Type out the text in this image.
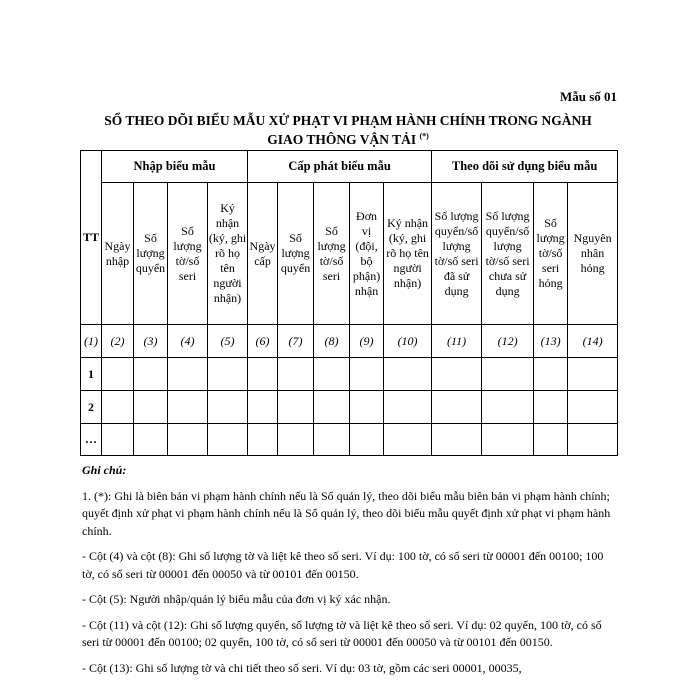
Mẫu số 01
SỔ THEO DÕI BIỂU MẪU XỬ PHẠT VI PHẠM HÀNH CHÍNH TRONG NGÀNH
GIAO THÔNG VẬN TẢI (*)
TT	Nhập biểu mẫu				Cấp phát biểu mẫu					Theo dõi sử dụng biểu mẫu			
	Ngày nhập	Số lượng quyển	Số lượng tờ/số seri	Ký nhận (ký, ghi rõ họ tên người nhận)	Ngày cấp	Số lượng quyển	Số lượng tờ/số seri	Đơn vị (đội, bộ phận) nhận	Ký nhận (ký, ghi rõ họ tên người nhận)	Số lượng quyển/số lượng tờ/số seri đã sử dụng	Số lượng quyển/số lượng tờ/số seri chưa sử dụng	Số lượng tờ/số seri hỏng	Nguyên nhân hỏng
(1)	(2)	(3)	(4)	(5)	(6)	(7)	(8)	(9)	(10)	(11)	(12)	(13)	(14)
1													
2													
…													
Ghi chú:

1. (*): Ghi là biên bản vi phạm hành chính nếu là Sổ quản lý, theo dõi biểu mẫu biên bản vi phạm hành chính; quyết định xử phạt vi phạm hành chính nếu là Sổ quản lý, theo dõi biểu mẫu quyết định xử phạt vi phạm hành chính.

- Cột (4) và cột (8): Ghi số lượng tờ và liệt kê theo số seri. Ví dụ: 100 tờ, có số seri từ 00001 đến 00100; 100 tờ, có số seri từ 00001 đến 00050 và từ 00101 đến 00150.

- Cột (5): Người nhập/quản lý biểu mẫu của đơn vị ký xác nhận.

- Cột (11) và cột (12): Ghi số lượng quyển, số lượng tờ và liệt kê theo số seri. Ví dụ: 02 quyển, 100 tờ, có số seri từ 00001 đến 00100; 02 quyển, 100 tờ, có số seri từ 00001 đến 00050 và từ 00101 đến 00150.

- Cột (13): Ghi số lượng tờ và chi tiết theo số seri. Ví dụ: 03 tờ, gồm các seri 00001, 00035,
